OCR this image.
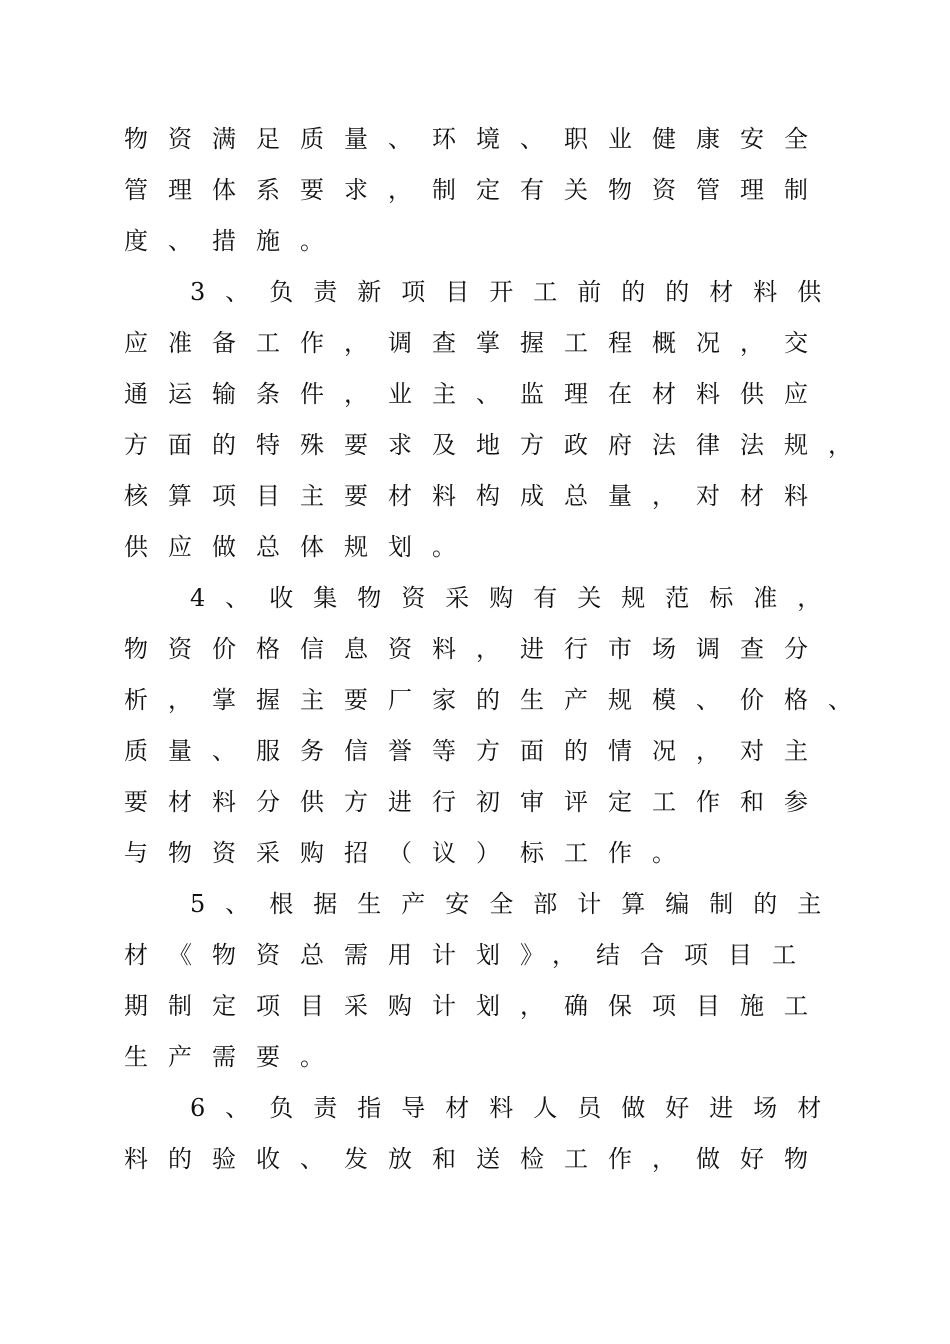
物资满足质量、环境、职业健康安全
管理体系要求，制定有关物资管理制
度、措施。
3、负责新项目开工前的的材料供
应准备工作，调查掌握工程概况，交
通运输条件，业主、监理在材料供应
方面的特殊要求及地方政府法律法规，
核算项目主要材料构成总量，对材料
供应做总体规划。
4、收集物资采购有关规范标准，
物资价格信息资料，进行市场调查分
析，掌握主要厂家的生产规模、价格、
质量、服务信誉等方面的情况，对主
要材料分供方进行初审评定工作和参
与物资采购招（议）标工作。
5、根据生产安全部计算编制的主
材《物资总需用计划》，结合项目工
期制定项目采购计划，确保项目施工
生产需要。
6、负责指导材料人员做好进场材
料的验收、发放和送检工作，做好物
